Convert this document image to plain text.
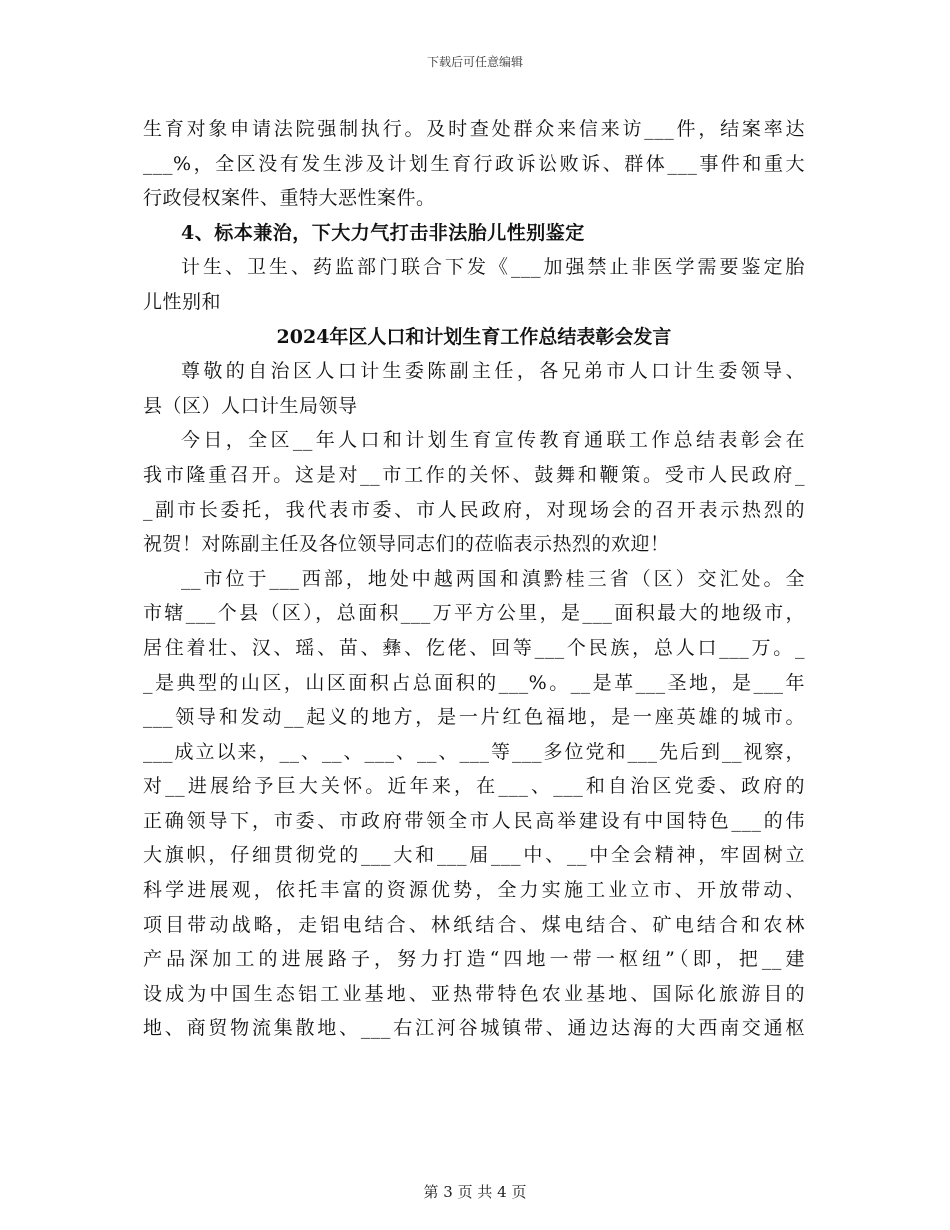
下载后可任意编辑
生育对象申请法院强制执行。及时查处群众来信来访___件，结案率达
___%，全区没有发生涉及计划生育行政诉讼败诉、群体___事件和重大
行政侵权案件、重特大恶性案件。
4、标本兼治，下大力气打击非法胎儿性别鉴定
计生、卫生、药监部门联合下发《___加强禁止非医学需要鉴定胎
儿性别和
2024年区人口和计划生育工作总结表彰会发言
尊敬的自治区人口计生委陈副主任，各兄弟市人口计生委领导、
县（区）人口计生局领导
今日，全区__年人口和计划生育宣传教育通联工作总结表彰会在
我市隆重召开。这是对__市工作的关怀、鼓舞和鞭策。受市人民政府_
_副市长委托，我代表市委、市人民政府，对现场会的召开表示热烈的
祝贺！对陈副主任及各位领导同志们的莅临表示热烈的欢迎！
__市位于___西部，地处中越两国和滇黔桂三省（区）交汇处。全
市辖___个县（区），总面积___万平方公里，是___面积最大的地级市，
居住着壮、汉、瑶、苗、彝、仡佬、回等___个民族，总人口___万。_
_是典型的山区，山区面积占总面积的___%。__是革___圣地，是___年
___领导和发动__起义的地方，是一片红色福地，是一座英雄的城市。
___成立以来，__、__、___、__、___等___多位党和___先后到__视察，
对__进展给予巨大关怀。近年来，在___、___和自治区党委、政府的
正确领导下，市委、市政府带领全市人民高举建设有中国特色___的伟
大旗帜，仔细贯彻党的___大和___届___中、__中全会精神，牢固树立
科学进展观，依托丰富的资源优势，全力实施工业立市、开放带动、
项目带动战略，走铝电结合、林纸结合、煤电结合、矿电结合和农林
产品深加工的进展路子，努力打造“四地一带一枢纽”（即，把__建
设成为中国生态铝工业基地、亚热带特色农业基地、国际化旅游目的
地、商贸物流集散地、___右江河谷城镇带、通边达海的大西南交通枢
第 3 页 共 4 页
